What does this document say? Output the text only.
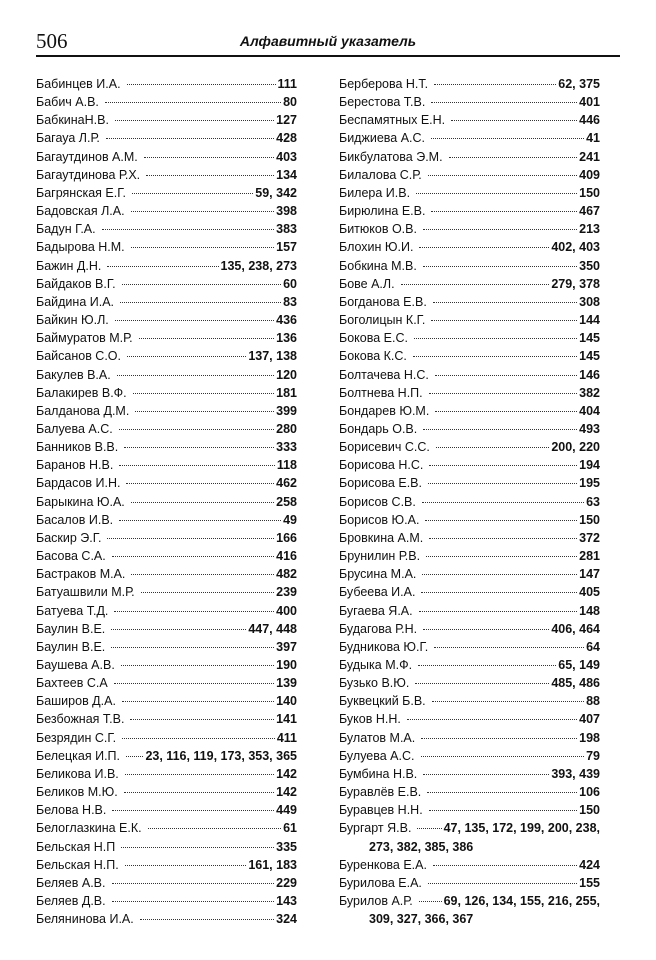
506	Алфавитный указатель
Бабинцев И.А.	111
Бабич А.В.	80
БабкинаН.В.	127
Багауа Л.Р.	428
Багаутдинов А.М.	403
Багаутдинова Р.Х.	134
Багрянская Е.Г.	59, 342
Бадовская Л.А.	398
Бадун Г.А.	383
Бадырова Н.М.	157
Бажин Д.Н.	135, 238, 273
Байдаков В.Г.	60
Байдина И.А.	83
Байкин Ю.Л.	436
Баймуратов М.Р.	136
Байсанов С.О.	137, 138
Бакулев В.А.	120
Балакирев В.Ф.	181
Балданова Д.М.	399
Балуева А.С.	280
Банников В.В.	333
Баранов Н.В.	118
Бардасов И.Н.	462
Барыкина Ю.А.	258
Басалов И.В.	49
Баскир Э.Г.	166
Басова С.А.	416
Бастраков М.А.	482
Батуашвили М.Р.	239
Батуева Т.Д.	400
Баулин В.Е.	447, 448
Баулин В.Е.	397
Баушева А.В.	190
Бахтеев С.А	139
Баширов Д.А.	140
Безбожная Т.В.	141
Безрядин С.Г.	411
Белецкая И.П. 23, 116, 119, 173, 353, 365
Беликова И.В.	142
Беликов М.Ю.	142
Белова Н.В.	449
Белоглазкина Е.К.	61
Бельская Н.П	335
Бельская Н.П.	161, 183
Беляев А.В.	229
Беляев Д.В.	143
Белянинова И.А.	324
Берберова Н.Т.	62, 375
Берестова Т.В.	401
Беспамятных Е.Н.	446
Биджиева А.С.	41
Бикбулатова Э.М.	241
Билалова С.Р.	409
Билера И.В.	150
Бирюлина Е.В.	467
Битюков О.В.	213
Блохин Ю.И.	402, 403
Бобкина М.В.	350
Бове А.Л.	279, 378
Богданова Е.В.	308
Боголицын К.Г.	144
Бокова Е.С.	145
Бокова К.С.	145
Болтачева Н.С.	146
Болтнева Н.П.	382
Бондарев Ю.М.	404
Бондарь О.В.	493
Борисевич С.С.	200, 220
Борисова Н.С.	194
Борисова Е.В.	195
Борисов С.В.	63
Борисов Ю.А.	150
Бровкина А.М.	372
Брунилин Р.В.	281
Брусина М.А.	147
Бубеева И.А.	405
Бугаева Я.А.	148
Будагова Р.Н.	406, 464
Будникова Ю.Г.	64
Будыка М.Ф.	65, 149
Бузько В.Ю.	485, 486
Буквецкий Б.В.	88
Буков Н.Н.	407
Булатов М.А.	198
Булуева А.С.	79
Бумбина Н.В.	393, 439
Буравлёв Е.В.	106
Буравцев Н.Н.	150
Бургарт Я.В.	47, 135, 172, 199, 200, 238,
273, 382, 385, 386
Буренкова Е.А.	424
Бурилова Е.А.	155
Бурилов А.Р. 69, 126, 134, 155, 216, 255,
309, 327, 366, 367
